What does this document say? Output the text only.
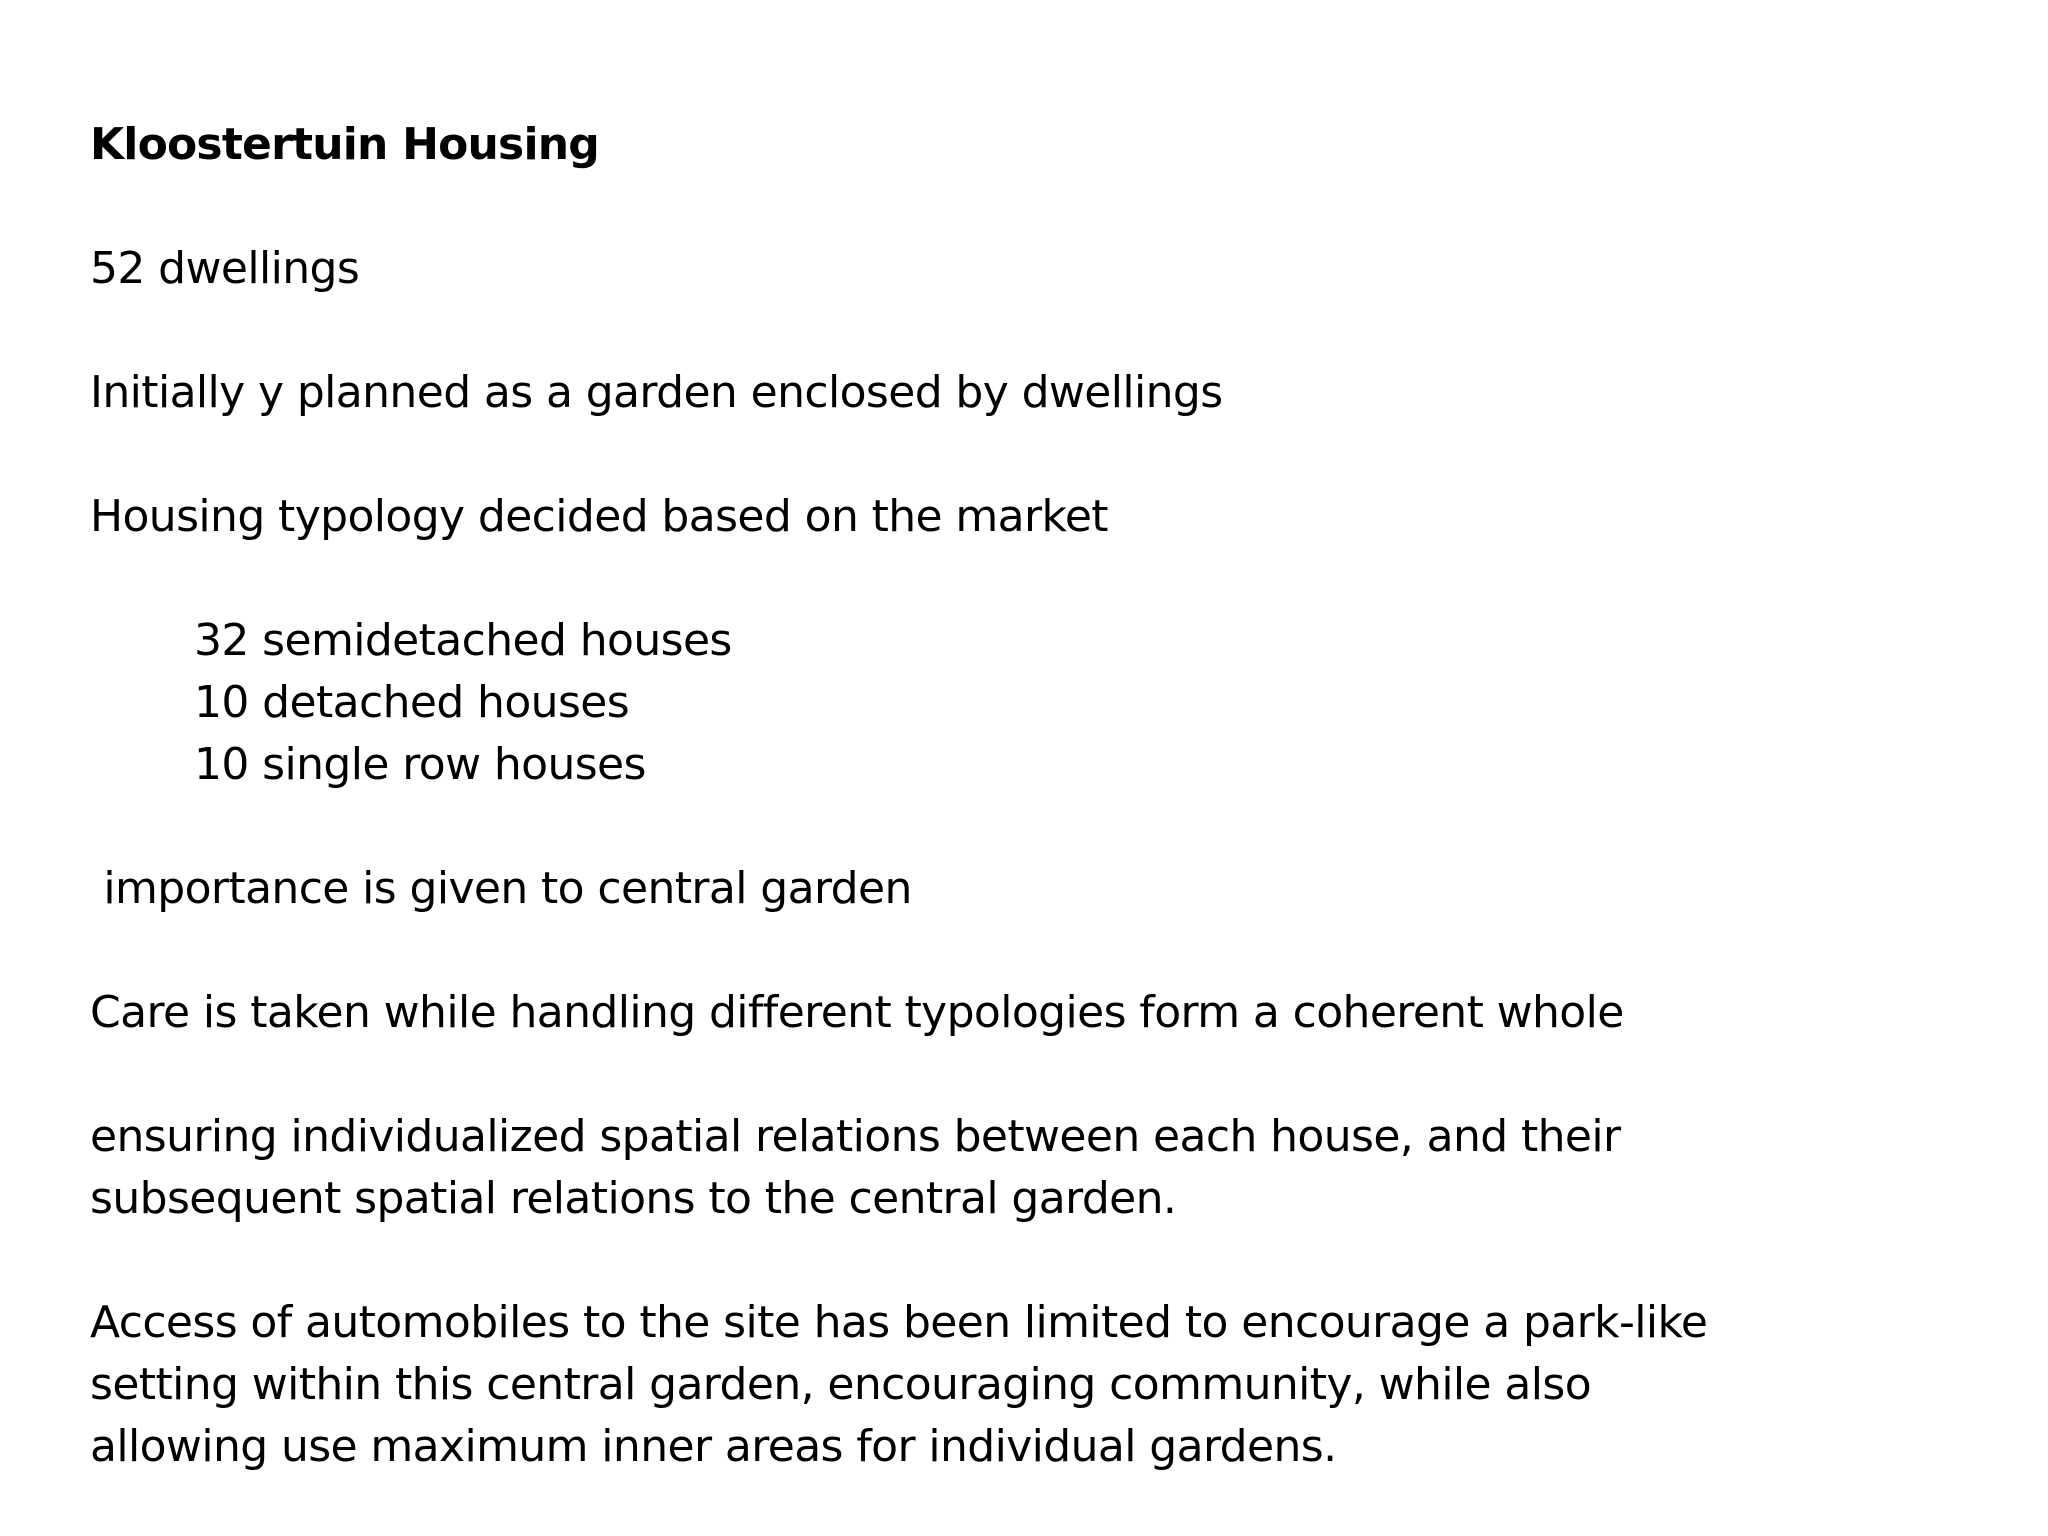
Kloostertuin Housing

52 dwellings

Initially y planned as a garden enclosed by dwellings

Housing typology decided based on the market

32 semidetached houses

10 detached houses

10 single row houses

importance is given to central garden

Care is taken while handling different typologies form a coherent whole

ensuring individualized spatial relations between each house, and their

subsequent spatial relations to the central garden.

Access of automobiles to the site has been limited to encourage a park-like

setting within this central garden, encouraging community, while also

allowing use maximum inner areas for individual gardens.
